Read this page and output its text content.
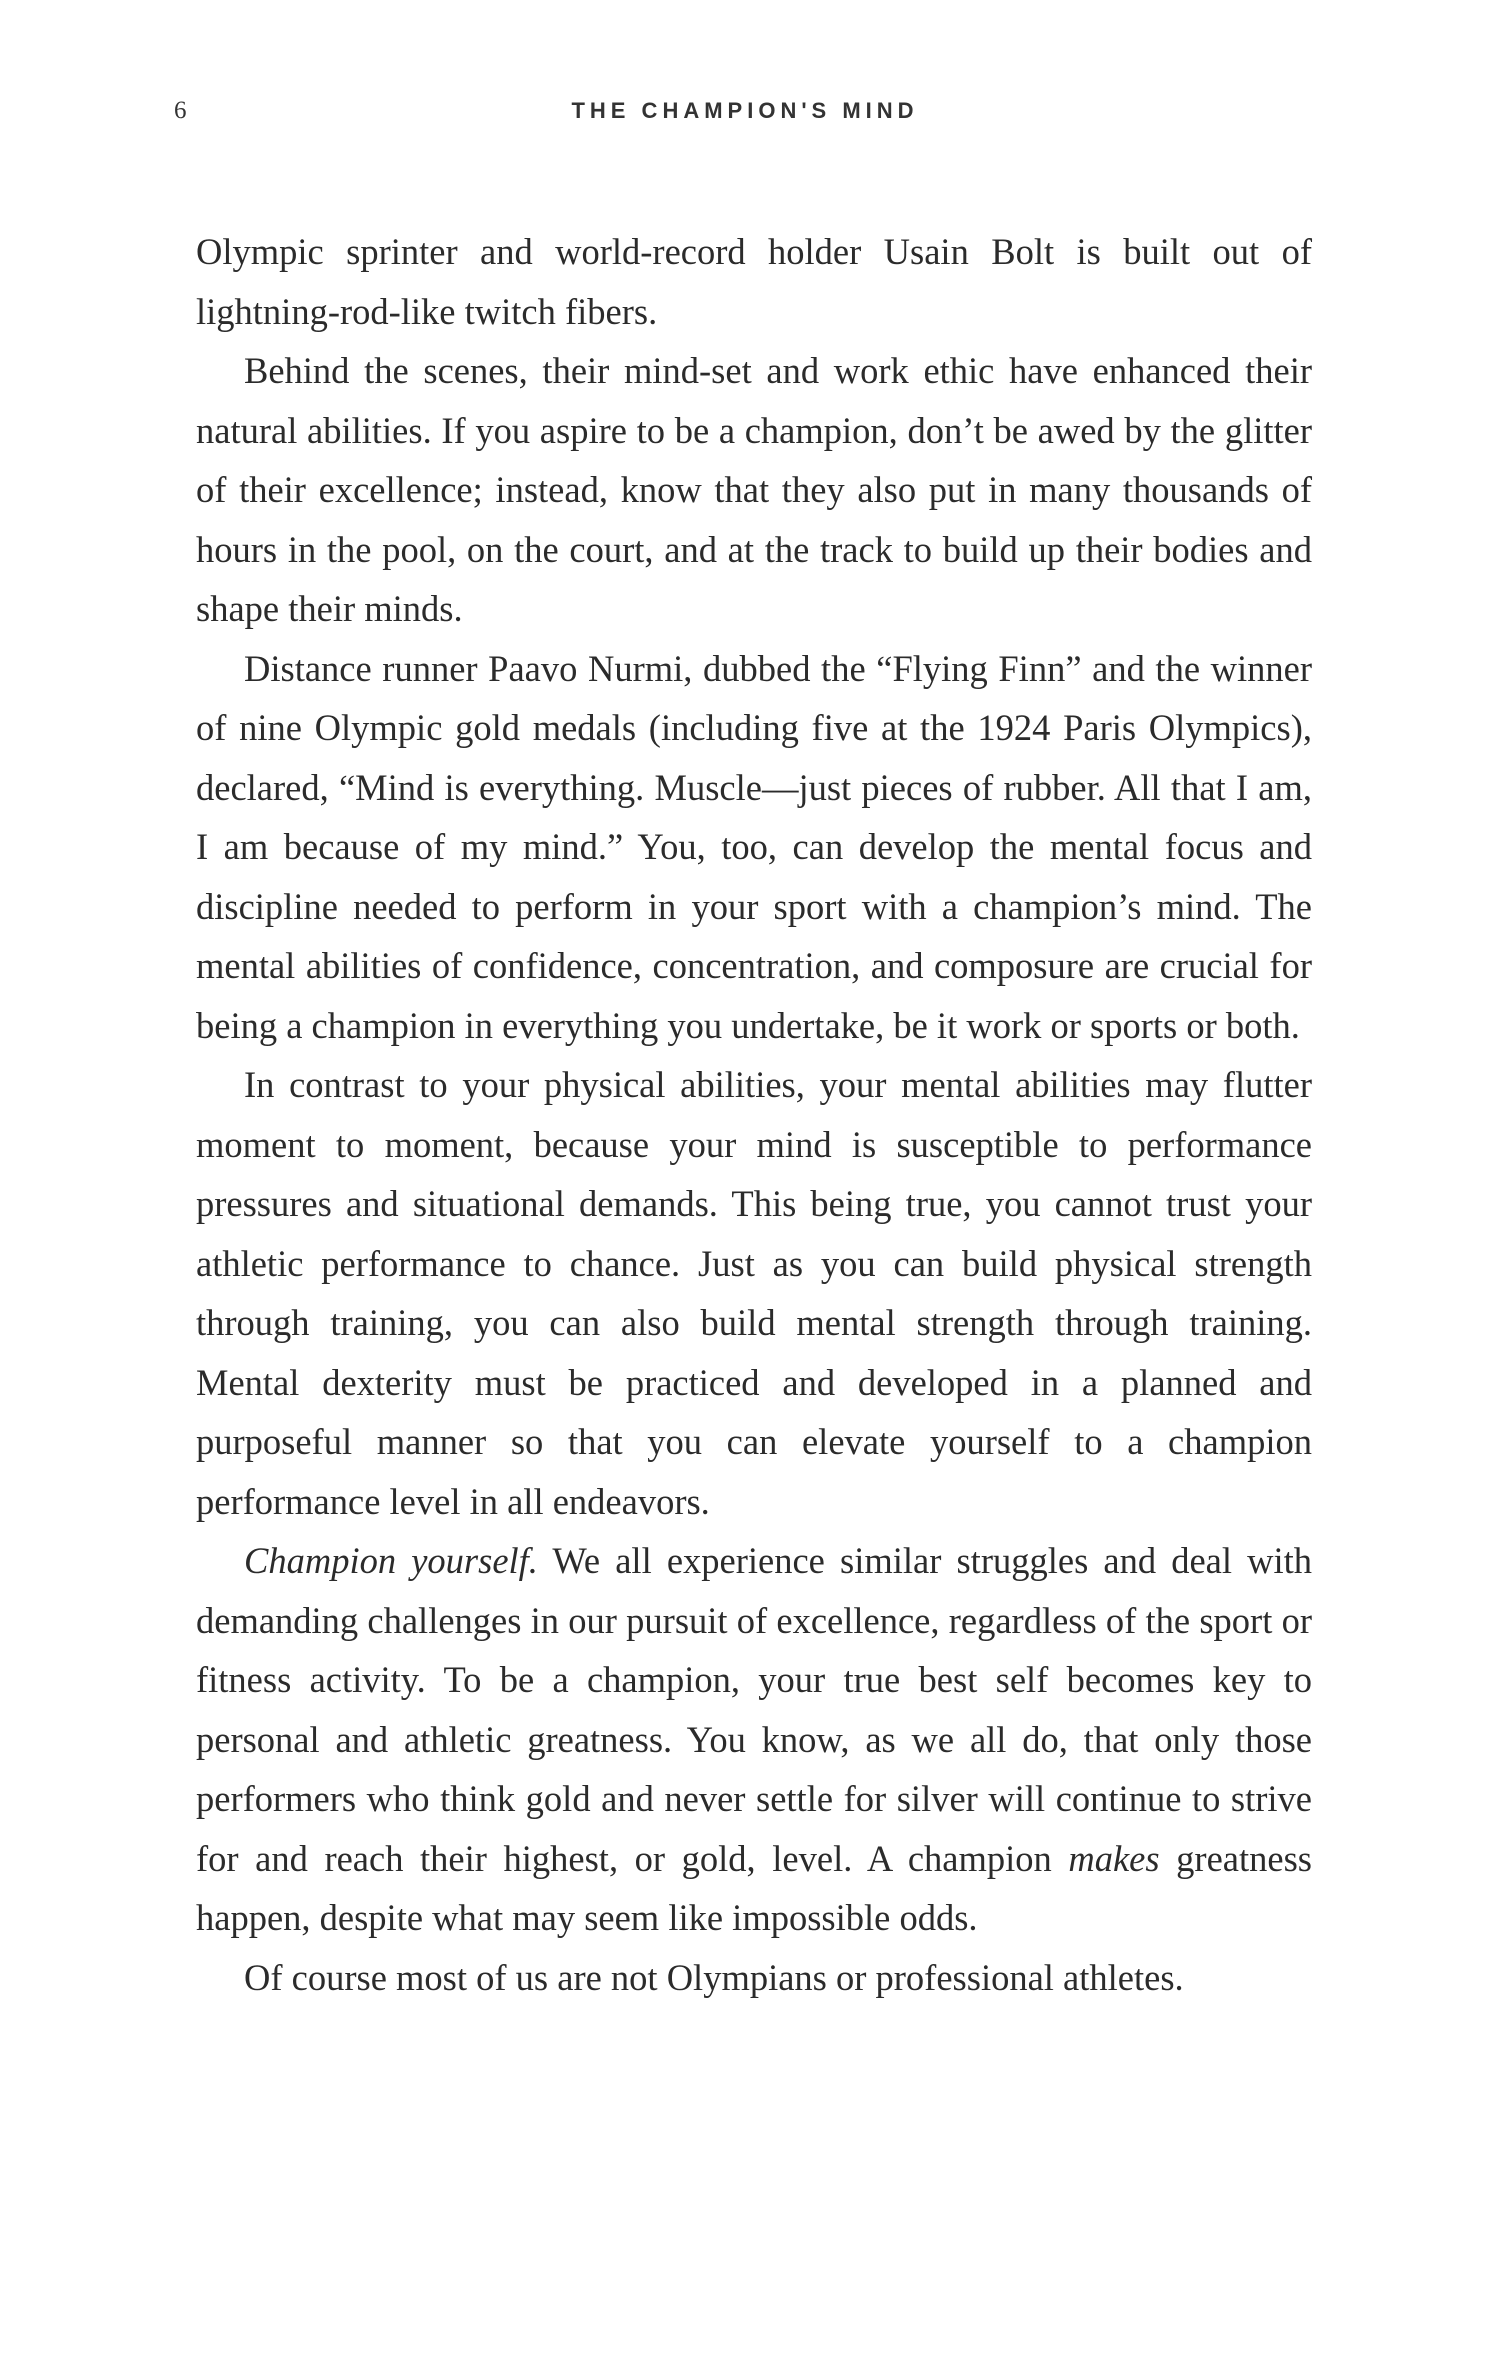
6	THE CHAMPION'S MIND

Olympic sprinter and world-record holder Usain Bolt is built out of lightning-rod-like twitch fibers.

Behind the scenes, their mind-set and work ethic have enhanced their natural abilities. If you aspire to be a champion, don’t be awed by the glitter of their excellence; instead, know that they also put in many thousands of hours in the pool, on the court, and at the track to build up their bodies and shape their minds.

Distance runner Paavo Nurmi, dubbed the “Flying Finn” and the winner of nine Olympic gold medals (including five at the 1924 Paris Olympics), declared, “Mind is everything. Muscle—just pieces of rubber. All that I am, I am because of my mind.” You, too, can develop the mental focus and discipline needed to perform in your sport with a champion’s mind. The mental abilities of confidence, concentration, and composure are crucial for being a champion in everything you undertake, be it work or sports or both.

In contrast to your physical abilities, your mental abilities may flutter moment to moment, because your mind is susceptible to performance pressures and situational demands. This being true, you cannot trust your athletic performance to chance. Just as you can build physical strength through training, you can also build mental strength through training. Mental dexterity must be practiced and developed in a planned and purposeful manner so that you can elevate yourself to a champion performance level in all endeavors.

Champion yourself. We all experience similar struggles and deal with demanding challenges in our pursuit of excellence, regardless of the sport or fitness activity. To be a champion, your true best self becomes key to personal and athletic greatness. You know, as we all do, that only those performers who think gold and never settle for silver will continue to strive for and reach their highest, or gold, level. A champion makes greatness happen, despite what may seem like impossible odds.

Of course most of us are not Olympians or professional athletes.
